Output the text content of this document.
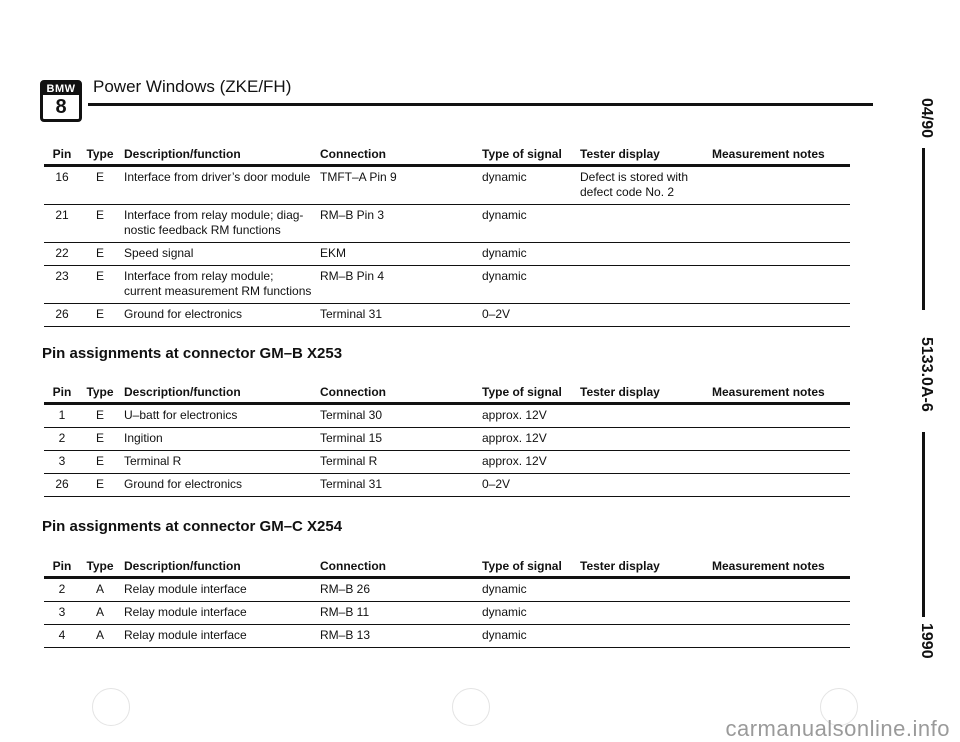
BMW
8
Power Windows (ZKE/FH)
Pin	Type	Description/function	Connection	Type of signal	Tester display	Measurement notes
16	E	Interface from driver’s door module	TMFT–A Pin 9	dynamic	Defect is stored with defect code No. 2	
21	E	Interface from relay module; diag-nostic feedback RM functions	RM–B Pin 3	dynamic		
22	E	Speed signal	EKM	dynamic		
23	E	Interface from relay module; current measurement RM functions	RM–B Pin 4	dynamic		
26	E	Ground for electronics	Terminal 31	0–2V		
Pin assignments at connector GM–B X253
Pin	Type	Description/function	Connection	Type of signal	Tester display	Measurement notes
1	E	U–batt for electronics	Terminal 30	approx. 12V		
2	E	Ingition	Terminal 15	approx. 12V		
3	E	Terminal R	Terminal R	approx. 12V		
26	E	Ground for electronics	Terminal 31	0–2V		
Pin assignments at connector GM–C X254
Pin	Type	Description/function	Connection	Type of signal	Tester display	Measurement notes
2	A	Relay module interface	RM–B 26	dynamic		
3	A	Relay module interface	RM–B 11	dynamic		
4	A	Relay module interface	RM–B 13	dynamic		
04/90
5133.0A-6
1990
carmanualsonline.info
